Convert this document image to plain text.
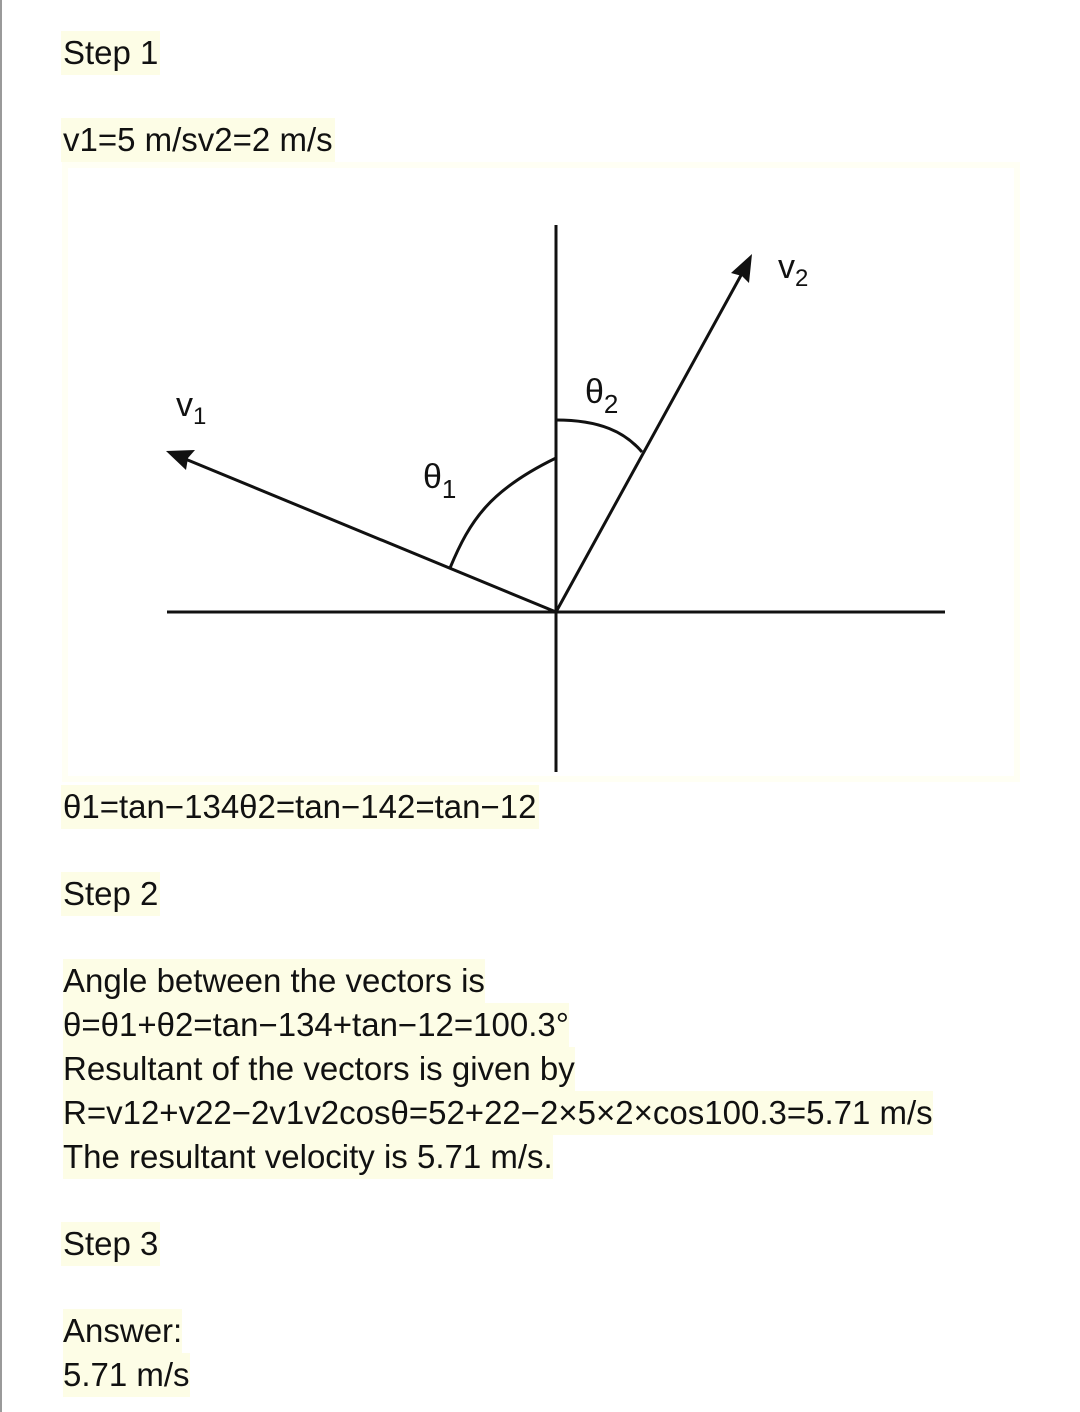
Step 1
v1=5 m/sv2=2 m/s
$v_1$
$v_2$
$\theta_1$
$\theta_2$
θ1=tan−134θ2=tan−142=tan−12
Step 2
Angle between the vectors is
θ=θ1+θ2=tan−134+tan−12=100.3°
Resultant of the vectors is given by
R=v12+v22−2v1v2cosθ=52+22−2×5×2×cos100.3=5.71 m/s
The resultant velocity is 5.71 m/s.
Step 3
Answer:
5.71 m/s
